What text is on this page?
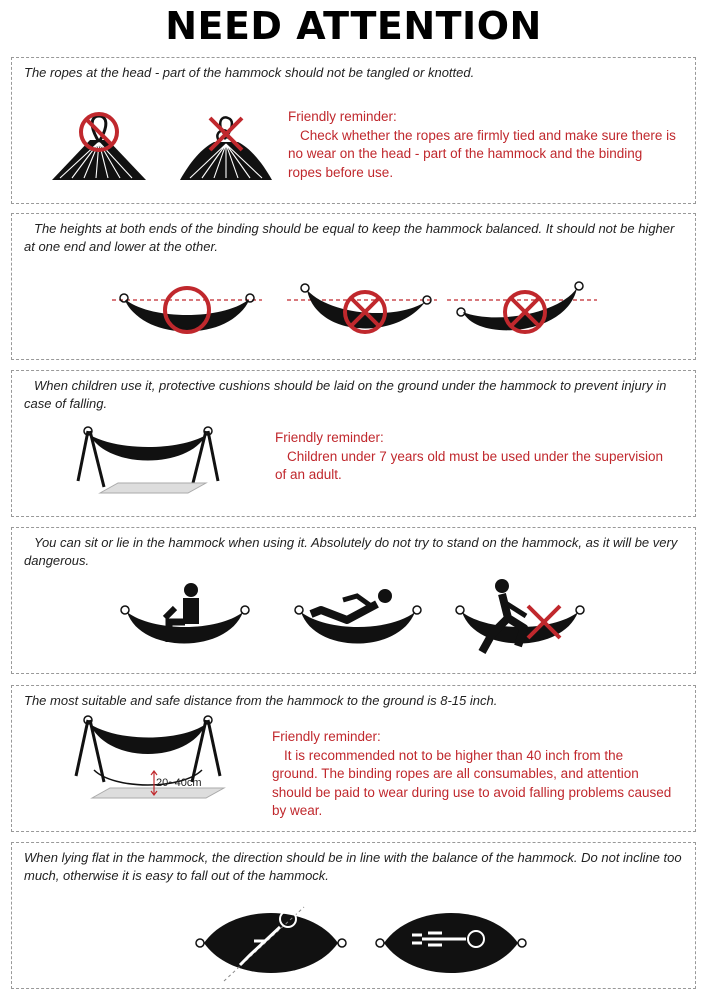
NEED ATTENTION
The ropes at the head - part of the hammock should not be tangled or knotted.
Friendly reminder:
Check whether the ropes are firmly tied and make sure there is no wear on the head - part of the hammock and the binding ropes before use.
The heights at both ends of the binding should be equal to keep the hammock balanced. It should not be higher at one end and lower at the other.
When children use it, protective cushions should be laid on the ground under the hammock to prevent injury in case of falling.
Friendly reminder:
Children under 7 years old must be used under the supervision of an adult.
You can sit or lie in the hammock when using it. Absolutely do not try to stand on the hammock, as it will be very dangerous.
The most suitable and safe distance from the hammock to the ground is 8-15 inch.
20~40cm
Friendly reminder:
It is recommended not to be higher than 40 inch from the ground. The binding ropes are all consumables, and attention should be paid to wear during use to avoid falling problems caused by wear.
When lying flat in the hammock, the direction should be in line with the balance of the hammock. Do not incline too much, otherwise it is easy to fall out of the hammock.
